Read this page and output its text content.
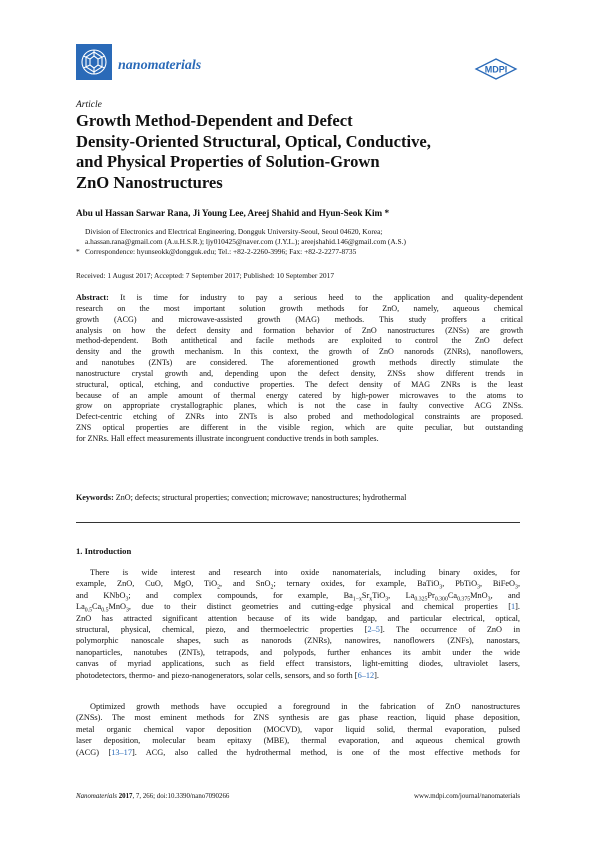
nanomaterials	MDPI
Article
Growth Method-Dependent and Defect
Density-Oriented Structural, Optical, Conductive,
and Physical Properties of Solution-Grown
ZnO Nanostructures
Abu ul Hassan Sarwar Rana, Ji Young Lee, Areej Shahid and Hyun-Seok Kim *
Division of Electronics and Electrical Engineering, Dongguk University-Seoul, Seoul 04620, Korea;
a.hassan.rana@gmail.com (A.u.H.S.R.); ljy010425@naver.com (J.Y.L.); areejshahid.146@gmail.com (A.S.)
* Correspondence: hyunseokk@dongguk.edu; Tel.: +82-2-2260-3996; Fax: +82-2-2277-8735
Received: 1 August 2017; Accepted: 7 September 2017; Published: 10 September 2017
Abstract: It is time for industry to pay a serious heed to the application and quality-dependent
research on the most important solution growth methods for ZnO, namely, aqueous chemical
growth (ACG) and microwave-assisted growth (MAG) methods. This study proffers a critical
analysis on how the defect density and formation behavior of ZnO nanostructures (ZNSs) are growth
method-dependent. Both antithetical and facile methods are exploited to control the ZnO defect
density and the growth mechanism. In this context, the growth of ZnO nanorods (ZNRs), nanoflowers,
and nanotubes (ZNTs) are considered. The aforementioned growth methods directly stimulate the
nanostructure crystal growth and, depending upon the defect density, ZNSs show different trends in
structural, optical, etching, and conductive properties. The defect density of MAG ZNRs is the least
because of an ample amount of thermal energy catered by high-power microwaves to the atoms to
grow on appropriate crystallographic planes, which is not the case in faulty convective ACG ZNSs.
Defect-centric etching of ZNRs into ZNTs is also probed and methodological constraints are proposed.
ZNS optical properties are different in the visible region, which are quite peculiar, but outstanding
for ZNRs. Hall effect measurements illustrate incongruent conductive trends in both samples.
Keywords: ZnO; defects; structural properties; convection; microwave; nanostructures; hydrothermal
1. Introduction
There is wide interest and research into oxide nanomaterials, including binary oxides, for
example, ZnO, CuO, MgO, TiO$_2$, and SnO$_2$; ternary oxides, for example, BaTiO$_3$, PbTiO$_3$, BiFeO$_3$,
and KNbO$_3$; and complex compounds, for example, $Ba_{1-x}Sr_xTiO_3$, $La_{0.325}Pr_{0.300}Ca_{0.375}MnO_3$, and
$La_{0.5}Ca_{0.5}MnO_3$, due to their distinct geometries and cutting-edge physical and chemical properties [1].
ZnO has attracted significant attention because of its wide bandgap, and particular electrical, optical,
structural, physical, chemical, piezo, and thermoelectric properties [2–5]. The occurrence of ZnO in
polymorphic nanoscale shapes, such as nanorods (ZNRs), nanowires, nanoflowers (ZNFs), nanostars,
nanoparticles, nanotubes (ZNTs), tetrapods, and polypods, further enhances its ambit under the wide
canvas of myriad applications, such as field effect transistors, light-emitting diodes, ultraviolet lasers,
photodetectors, thermo- and piezo-nanogenerators, solar cells, sensors, and so forth [6–12].
Optimized growth methods have occupied a foreground in the fabrication of ZnO nanostructures
(ZNSs). The most eminent methods for ZNS synthesis are gas phase reaction, liquid phase deposition,
metal organic chemical vapor deposition (MOCVD), vapor liquid solid, thermal evaporation, pulsed
laser deposition, molecular beam epitaxy (MBE), thermal evaporation, and aqueous chemical growth
(ACG) [13–17]. ACG, also called the hydrothermal method, is one of the most effective methods for
Nanomaterials 2017, 7, 266; doi:10.3390/nano7090266	www.mdpi.com/journal/nanomaterials
